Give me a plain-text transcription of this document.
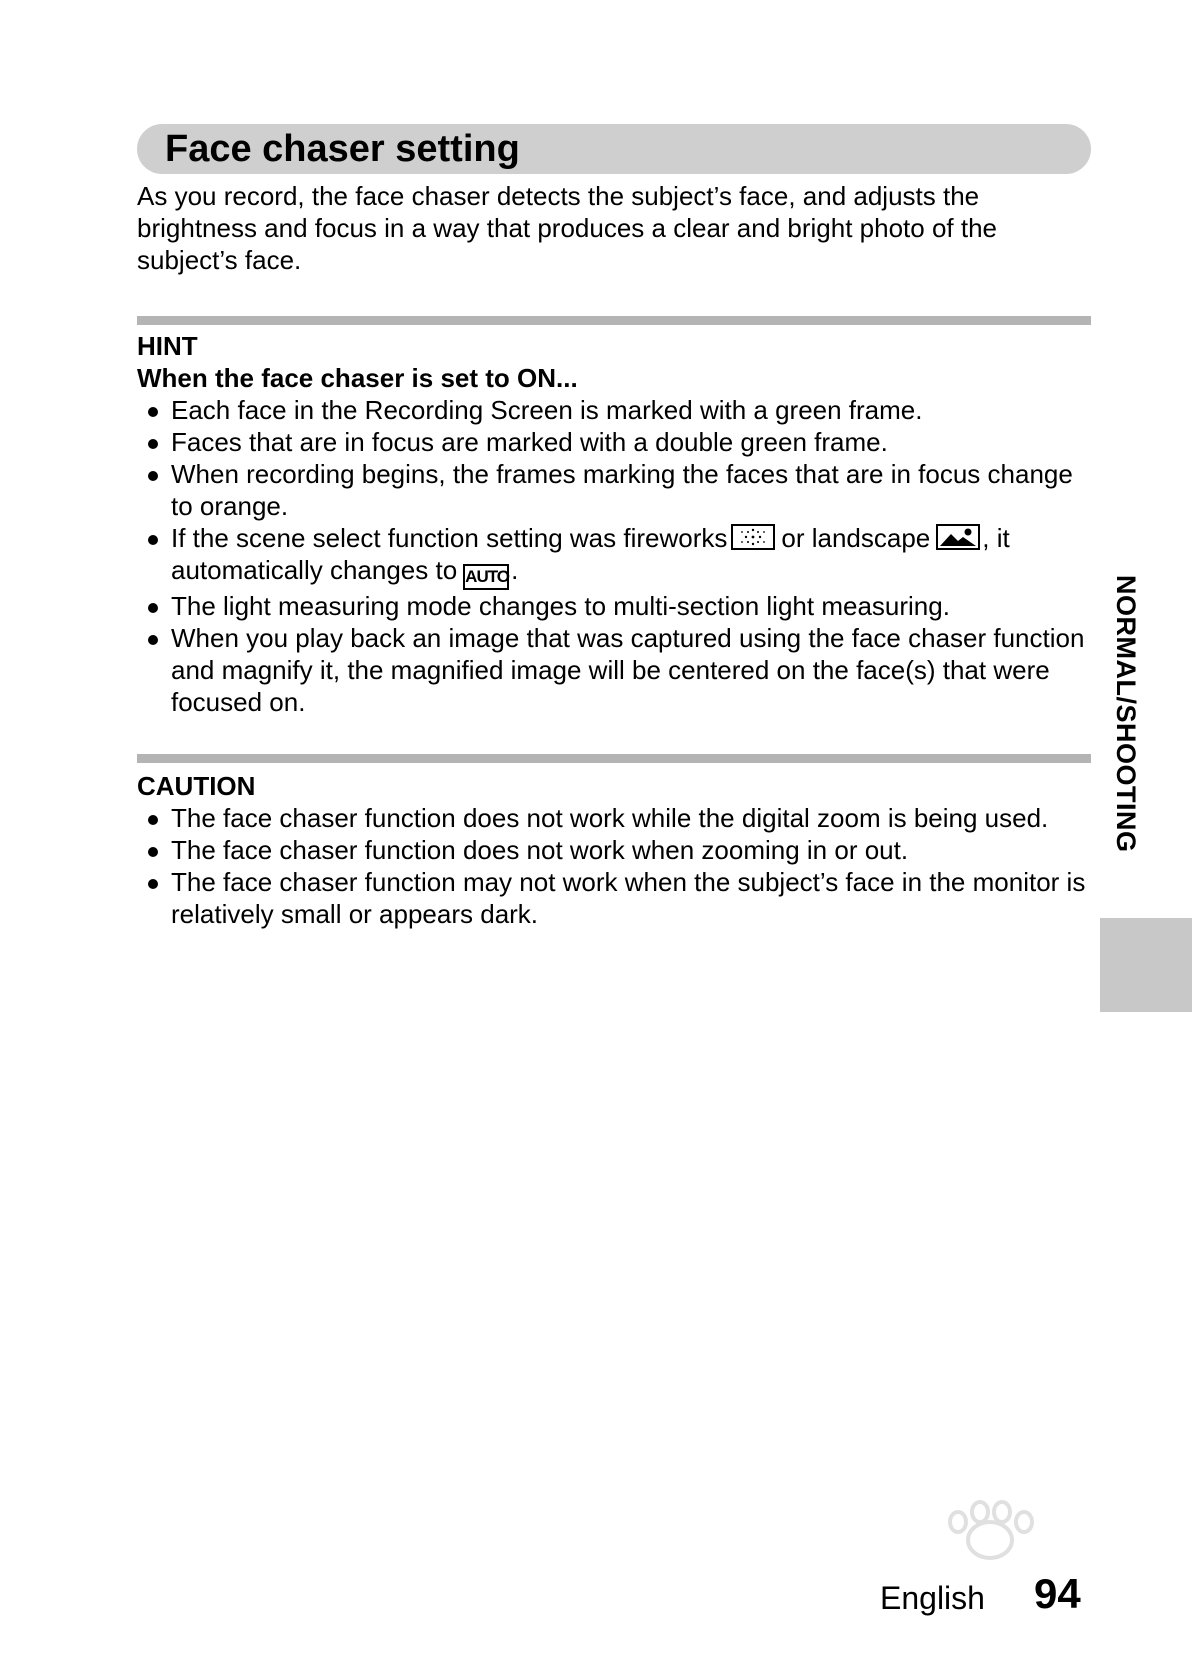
Face chaser setting

As you record, the face chaser detects the subject’s face, and adjusts the brightness and focus in a way that produces a clear and bright photo of the subject’s face.

HINT

When the face chaser is set to ON...

Each face in the Recording Screen is marked with a green frame.
Faces that are in focus are marked with a double green frame.
When recording begins, the frames marking the faces that are in focus change to orange.
If the scene select function setting was fireworks or landscape , it automatically changes to AUTO.
The light measuring mode changes to multi-section light measuring.
When you play back an image that was captured using the face chaser function and magnify it, the magnified image will be centered on the face(s) that were focused on.

CAUTION

The face chaser function does not work while the digital zoom is being used.
The face chaser function does not work when zooming in or out.
The face chaser function may not work when the subject’s face in the monitor is relatively small or appears dark.
NORMAL/SHOOTING
English 94
